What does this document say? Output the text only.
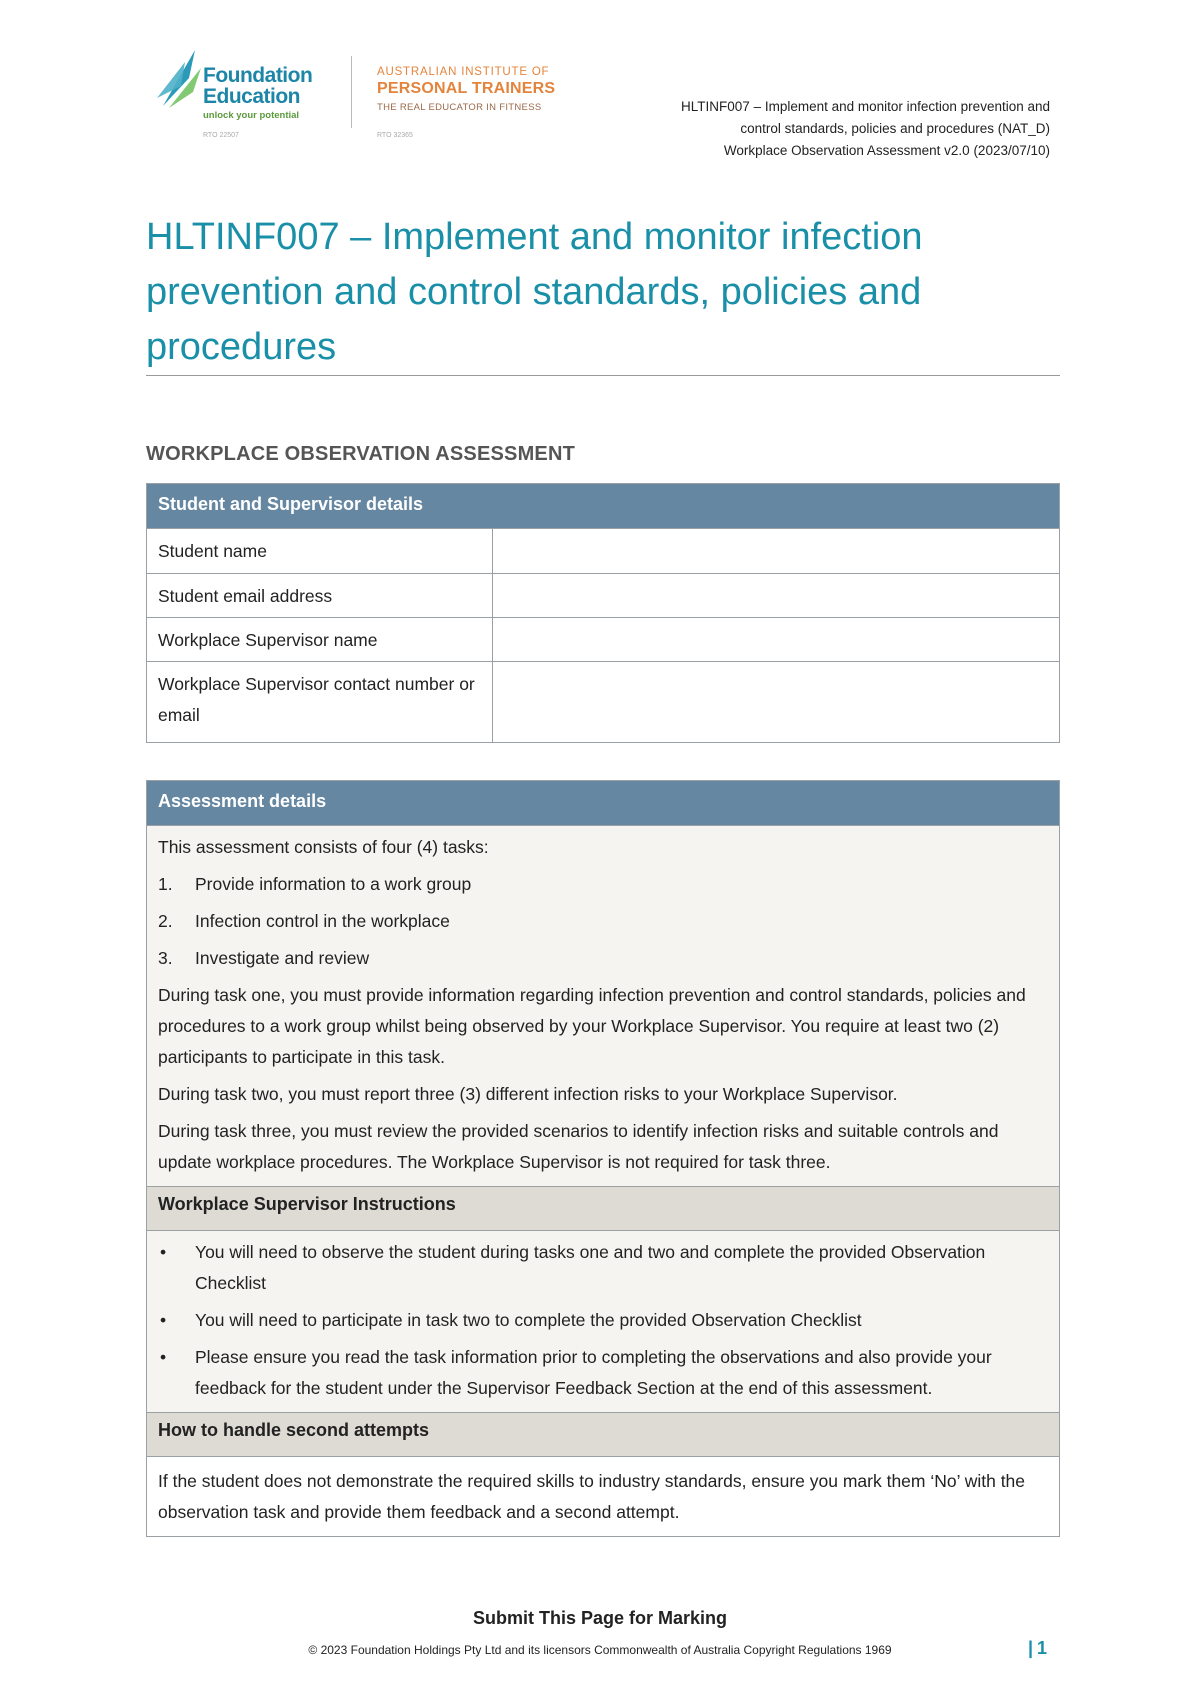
Foundation
Education
unlock your potential
RTO 22507
AUSTRALIAN INSTITUTE OF
PERSONAL TRAINERS
THE REAL EDUCATOR IN FITNESS
RTO 32365
HLTINF007 – Implement and monitor infection prevention and
control standards, policies and procedures (NAT_D)
Workplace Observation Assessment v2.0 (2023/07/10)
HLTINF007 – Implement and monitor infection prevention and control standards, policies and procedures
WORKPLACE OBSERVATION ASSESSMENT
Student and Supervisor details	
Student name	
Student email address	
Workplace Supervisor name	
Workplace Supervisor contact number or email	
Assessment details

This assessment consists of four (4) tasks:

1.	Provide information to a work group
2.	Infection control in the workplace
3.	Investigate and review

During task one, you must provide information regarding infection prevention and control standards, policies and procedures to a work group whilst being observed by your Workplace Supervisor. You require at least two (2) participants to participate in this task.

During task two, you must report three (3) different infection risks to your Workplace Supervisor.

During task three, you must review the provided scenarios to identify infection risks and suitable controls and update workplace procedures. The Workplace Supervisor is not required for task three.

Workplace Supervisor Instructions

•	You will need to observe the student during tasks one and two and complete the provided Observation Checklist
•	You will need to participate in task two to complete the provided Observation Checklist
•	Please ensure you read the task information prior to completing the observations and also provide your feedback for the student under the Supervisor Feedback Section at the end of this assessment.

How to handle second attempts
If the student does not demonstrate the required skills to industry standards, ensure you mark them ‘No’ with the observation task and provide them feedback and a second attempt.
Submit This Page for Marking
© 2023 Foundation Holdings Pty Ltd and its licensors Commonwealth of Australia Copyright Regulations 1969	| 1
